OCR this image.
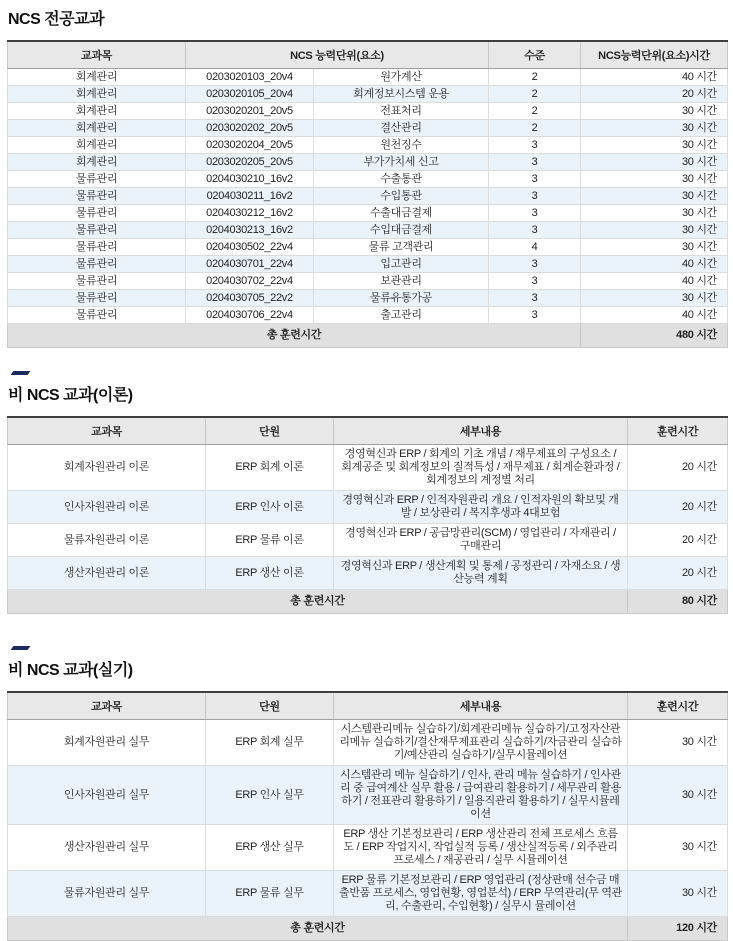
NCS 전공교과
교과목	NCS 능력단위(요소)		수준	NCS능력단위(요소)시간
회계관리	0203020103_20v4	원가계산	2	40 시간
회계관리	0203020105_20v4	회계정보시스템 운용	2	20 시간
회계관리	0203020201_20v5	전표처리	2	30 시간
회계관리	0203020202_20v5	결산관리	2	30 시간
회계관리	0203020204_20v5	원천징수	3	30 시간
회계관리	0203020205_20v5	부가가치세 신고	3	30 시간
물류관리	0204030210_16v2	수출통관	3	30 시간
물류관리	0204030211_16v2	수입통관	3	30 시간
물류관리	0204030212_16v2	수출대금결제	3	30 시간
물류관리	0204030213_16v2	수입대금결제	3	30 시간
물류관리	0204030502_22v4	물류 고객관리	4	30 시간
물류관리	0204030701_22v4	입고관리	3	40 시간
물류관리	0204030702_22v4	보관관리	3	40 시간
물류관리	0204030705_22v2	물류유통가공	3	30 시간
물류관리	0204030706_22v4	출고관리	3	40 시간
총 훈련시간				480 시간
비 NCS 교과(이론)
교과목	단원	세부내용	훈련시간
회계자원관리 이론	ERP 회계 이론	경영혁신과 ERP / 회계의 기초 개념 / 재무제표의 구성요소 / 회계공준 및 회계정보의 질적특성 / 재무제표 / 회계순환과정 / 회계정보의 계정별 처리	20 시간
인사자원관리 이론	ERP 인사 이론	경영혁신과 ERP / 인적자원관리 개요 / 인적자원의 확보및 개발 / 보상관리 / 복지후생과 4대보험	20 시간
물류자원관리 이론	ERP 물류 이론	경영혁신과 ERP / 공급망관리(SCM) / 영업관리 / 자재관리 / 구매관리	20 시간
생산자원관리 이론	ERP 생산 이론	경영혁신과 ERP / 생산계획 및 통제 / 공정관리 / 자재소요 / 생산능력 계획	20 시간
총 훈련시간			80 시간
비 NCS 교과(실기)
교과목	단원	세부내용	훈련시간
회계자원관리 실무	ERP 회계 실무	시스템관리메뉴 실습하기/회계관리메뉴 실습하기/고정자산관리메뉴 실습하기/결산재무제표관리 실습하기/자금관리 실습하기/예산관리 실습하기/실무시뮬레이션	30 시간
인사자원관리 실무	ERP 인사 실무	시스템관리 메뉴 실습하기 / 인사, 관리 메뉴 실습하기 / 인사관리 중 급여계산 실무 활용 / 급여관리 활용하기 / 세무관리 활용하기 / 전표관리 활용하기 / 일용직관리 활용하기 / 실무시뮬레이션	30 시간
생산자원관리 실무	ERP 생산 실무	ERP 생산 기본정보관리 / ERP 생산관리 전체 프로세스 흐름도 / ERP 작업지시, 작업실적 등록 / 생산실적등록 / 외주관리 프로세스 / 재공관리 / 실무 시뮬레이션	30 시간
물류자원관리 실무	ERP 물류 실무	ERP 물류 기본정보관리 / ERP 영업관리 (정상판매 선수금 매출반품 프로세스, 영업현황, 영업분석) / ERP 무역관리(무 역관리, 수출관리, 수입현황) / 실무시 뮬레이션	30 시간
총 훈련시간			120 시간
